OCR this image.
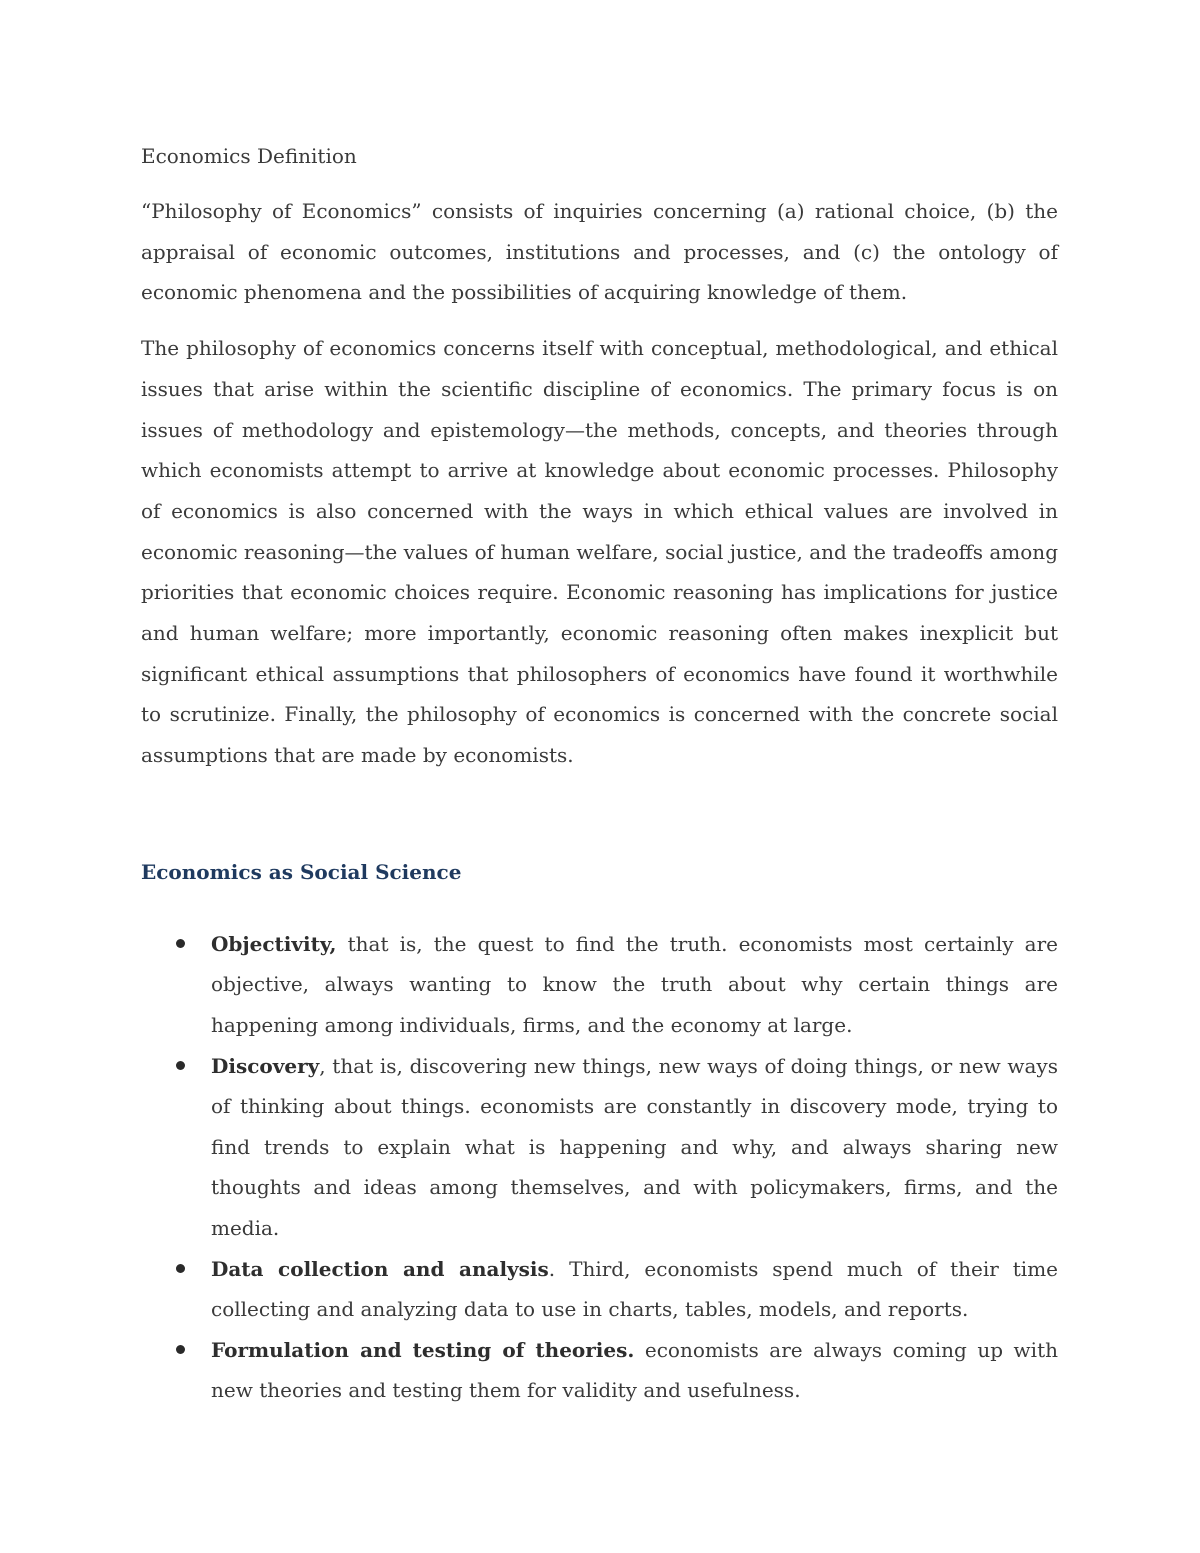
Economics Definition

“Philosophy of Economics” consists of inquiries concerning (a) rational choice, (b) the appraisal of economic outcomes, institutions and processes, and (c) the ontology of economic phenomena and the possibilities of acquiring knowledge of them.

The philosophy of economics concerns itself with conceptual, methodological, and ethical issues that arise within the scientific discipline of economics. The primary focus is on issues of methodology and epistemology—the methods, concepts, and theories through which economists attempt to arrive at knowledge about economic processes. Philosophy of economics is also concerned with the ways in which ethical values are involved in economic reasoning—the values of human welfare, social justice, and the tradeoffs among priorities that economic choices require. Economic reasoning has implications for justice and human welfare; more importantly, economic reasoning often makes inexplicit but significant ethical assumptions that philosophers of economics have found it worthwhile to scrutinize. Finally, the philosophy of economics is concerned with the concrete social assumptions that are made by economists.

Economics as Social Science
Objectivity, that is, the quest to find the truth. economists most certainly are objective, always wanting to know the truth about why certain things are happening among individuals, firms, and the economy at large.
Discovery, that is, discovering new things, new ways of doing things, or new ways of thinking about things. economists are constantly in discovery mode, trying to find trends to explain what is happening and why, and always sharing new thoughts and ideas among themselves, and with policymakers, firms, and the media.
Data collection and analysis. Third, economists spend much of their time collecting and analyzing data to use in charts, tables, models, and reports.
Formulation and testing of theories. economists are always coming up with new theories and testing them for validity and usefulness.
